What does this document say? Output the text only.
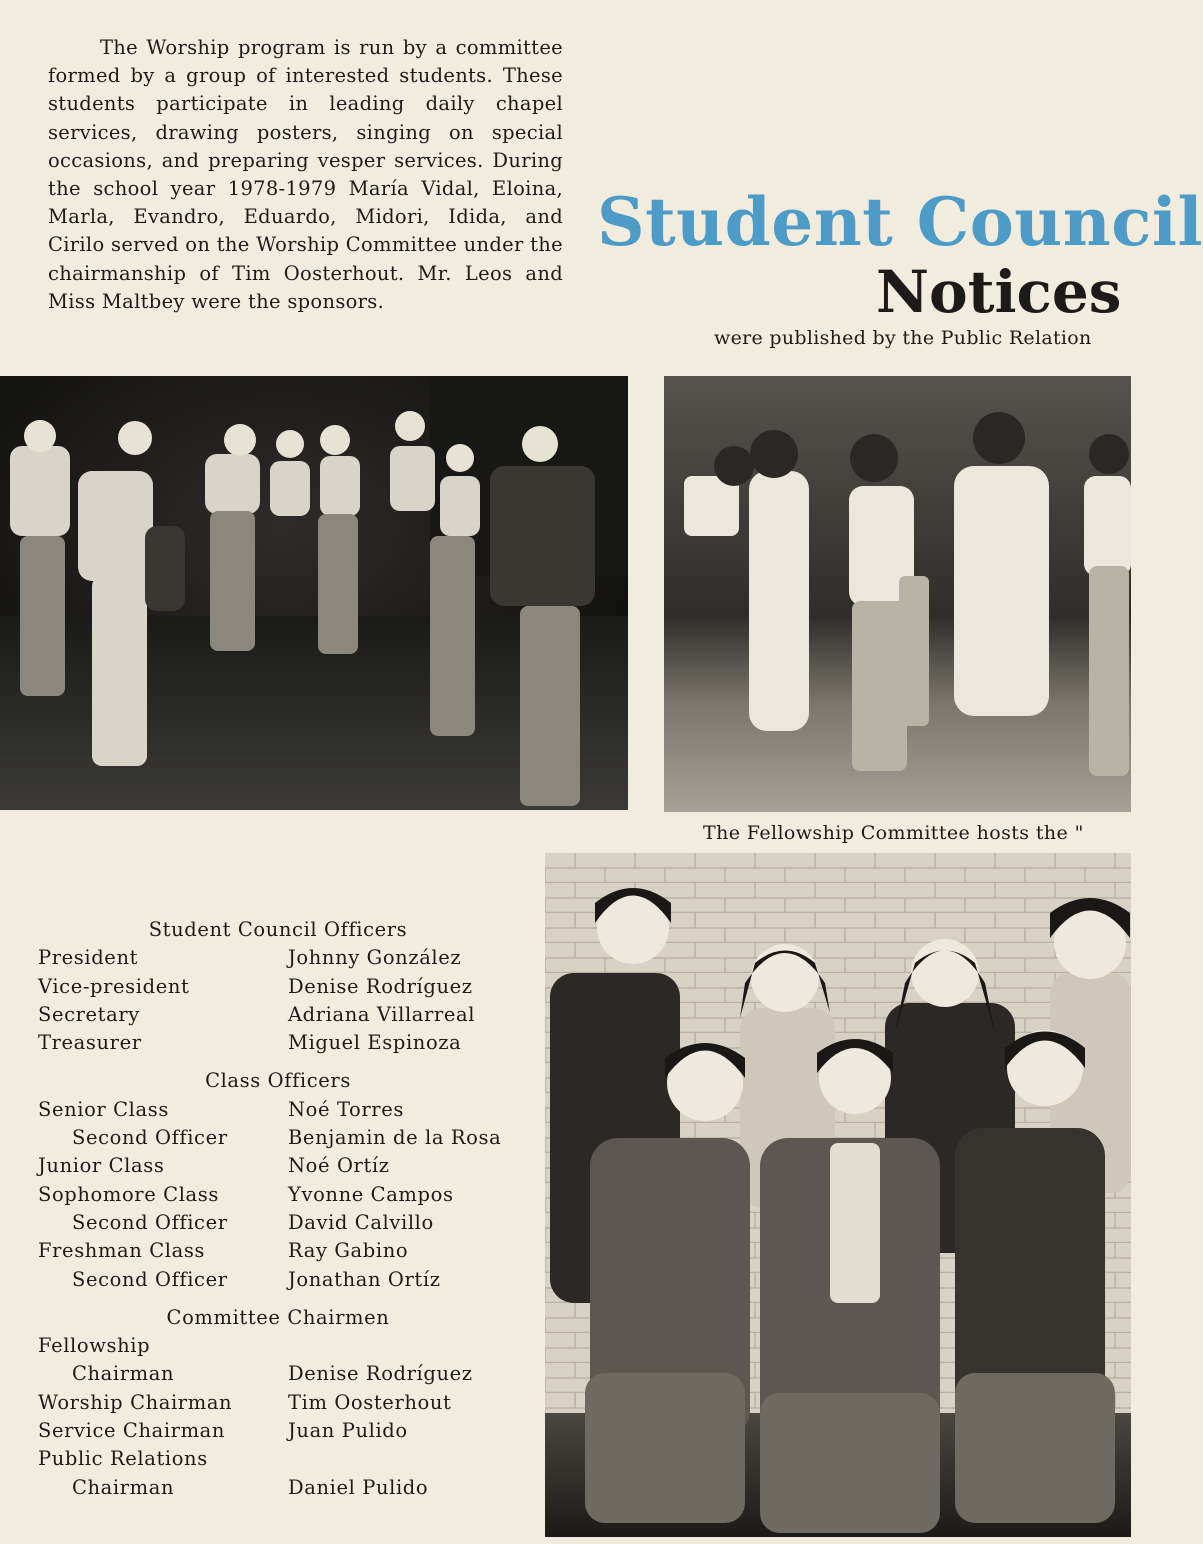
The Worship program is run by a committee formed by a group of interested students. These students participate in leading daily chapel services, drawing posters, singing on special occasions, and preparing vesper services. During the school year 1978-1979 María Vidal, Eloina, Marla, Evandro, Eduardo, Midori, Idida, and Cirilo served on the Worship Committee under the chairmanship of Tim Oosterhout. Mr. Leos and Miss Maltbey were the sponsors.
Student Council
Notices
were published by the Public Relation
The Fellowship Committee hosts the "
Student Council Officers
President	Johnny González
Vice-president	Denise Rodríguez
Secretary	Adriana Villarreal
Treasurer	Miguel Espinoza
Class Officers
Senior Class	Noé Torres
Second Officer	Benjamin de la Rosa
Junior Class	Noé Ortíz
Sophomore Class	Yvonne Campos
Second Officer	David Calvillo
Freshman Class	Ray Gabino
Second Officer	Jonathan Ortíz
Committee Chairmen
Fellowship
Chairman	Denise Rodríguez
Worship Chairman	Tim Oosterhout
Service Chairman	Juan Pulido
Public Relations
Chairman	Daniel Pulido
